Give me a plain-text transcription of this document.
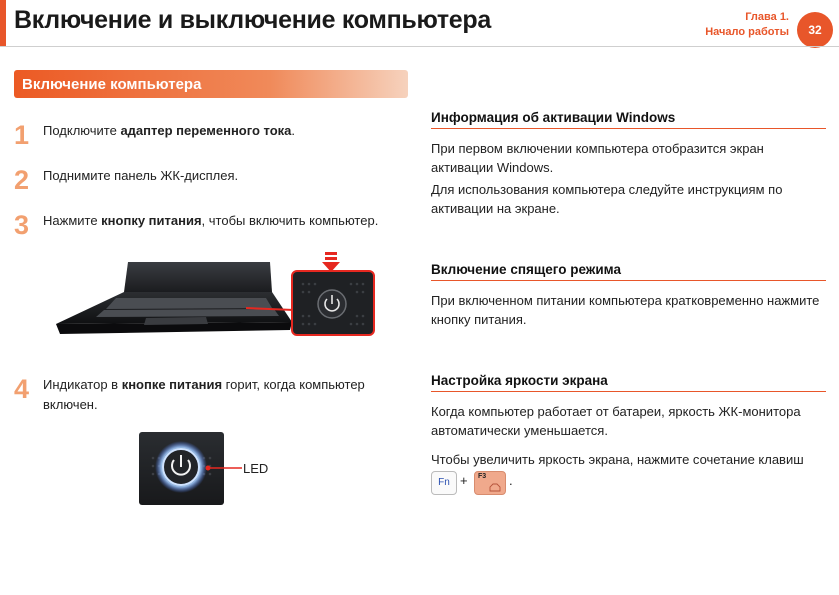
Включение и выключение компьютера	Глава 1.
Начало работы	32
Включение компьютера
1 Подключите адаптер переменного тока.
2 Поднимите панель ЖК-дисплея.
3 Нажмите кнопку питания, чтобы включить компьютер.
4 Индикатор в кнопке питания горит, когда компьютер включен.
LED
Информация об активации Windows
При первом включении компьютера отобразится экран активации Windows.
Для использования компьютера следуйте инструкциям по активации на экране.
Включение спящего режима
При включенном питании компьютера кратковременно нажмите кнопку питания.
Настройка яркости экрана
Когда компьютер работает от батареи, яркость ЖК-монитора автоматически уменьшается.
Чтобы увеличить яркость экрана, нажмите сочетание клавиш
Fn + F3 .
